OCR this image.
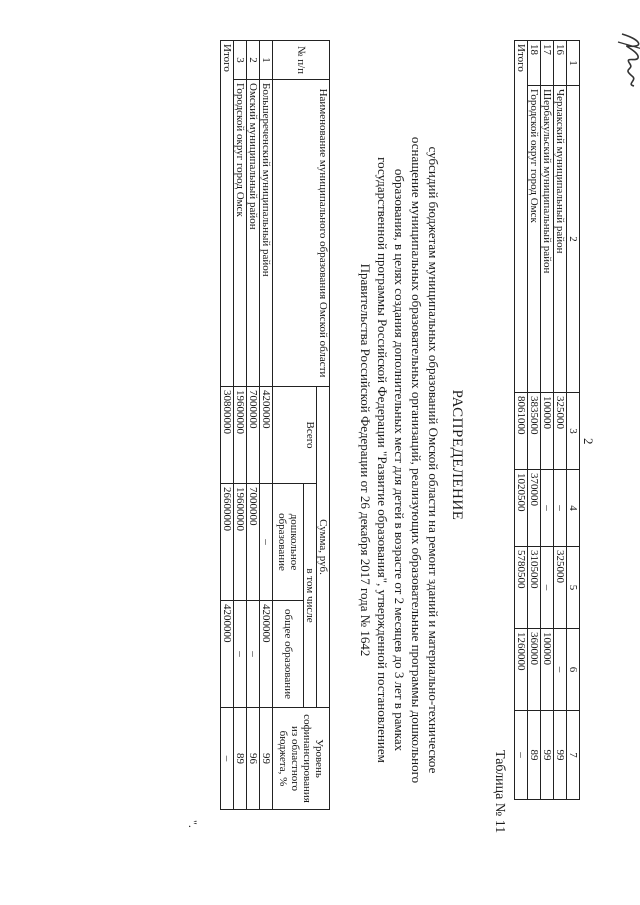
2
1	2	3	4	5	6	7
16	Черлакский муниципальный район	325000	–	325000	–	99
17	Шербакульский муниципальный район	100000	–	–	100000	99
18	Городской округ город Омск	3835000	370000	3105000	360000	89
Итого		8061000	1020500	5780500	1260000	–
Таблица № 11
РАСПРЕДЕЛЕНИЕ
субсидий бюджетам муниципальных образований Омской области на ремонт зданий и материально-техническое
оснащение муниципальных образовательных организаций, реализующих образовательные программы дошкольного
образования, в целях создания дополнительных мест для детей в возрасте от 2 месяцев до 3 лет в рамках
государственной программы Российской Федерации "Развитие образования", утвержденной постановлением
Правительства Российской Федерации от 26 декабря 2017 года № 1642
№ п/п	Наименование муниципального образования Омской области	Сумма, руб.			Уровень софинансирования из областного бюджета, %
		Всего	в том числе		
			дошкольное образование	общее образование	
1	Большереченский муниципальный район	4200000	–	4200000	99
2	Омский муниципальный район	7000000	7000000	–	96
3	Городской округ город Омск	19600000	19600000	–	89
Итого		30800000	26600000	4200000	–
".
